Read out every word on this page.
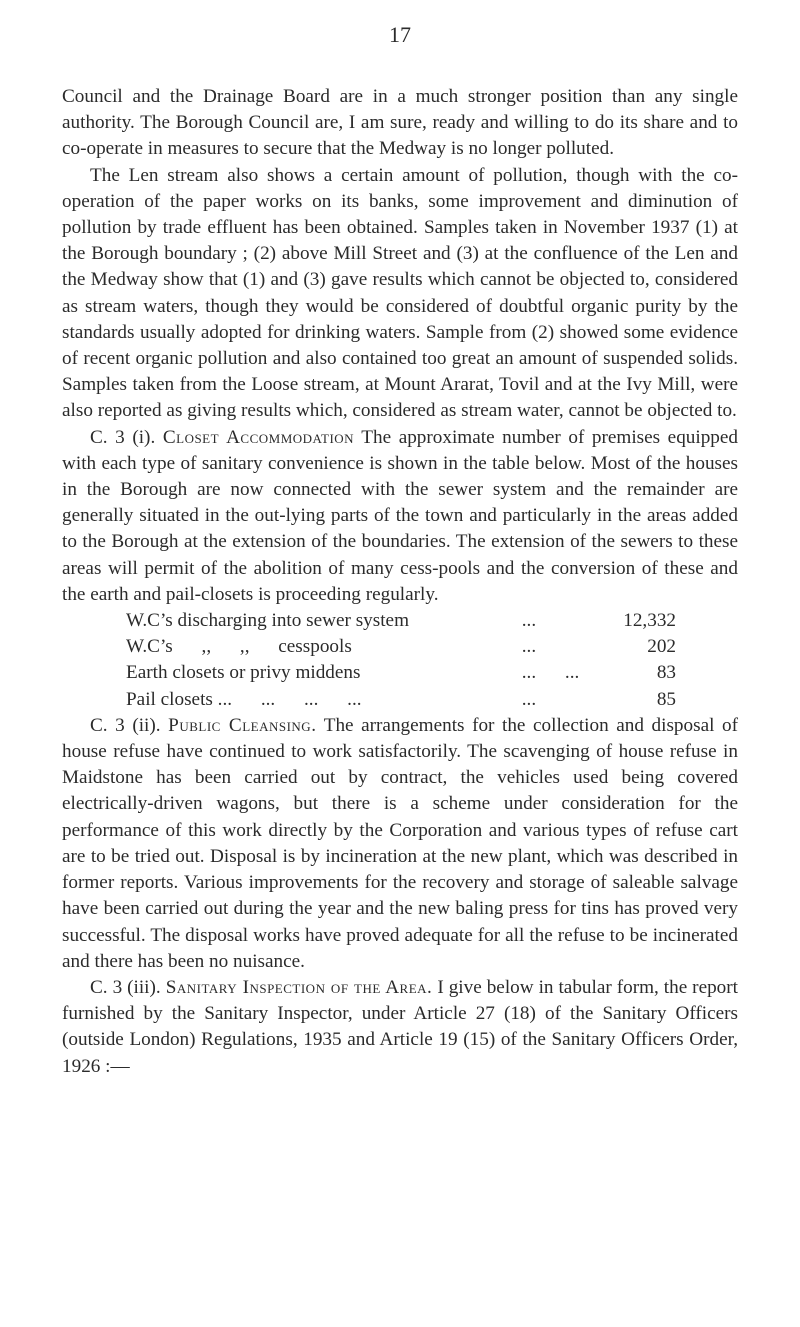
17

Council and the Drainage Board are in a much stronger position than any single authority. The Borough Council are, I am sure, ready and willing to do its share and to co-operate in measures to secure that the Medway is no longer polluted.

The Len stream also shows a certain amount of pollution, though with the co-operation of the paper works on its banks, some improvement and diminution of pollution by trade effluent has been obtained. Samples taken in November 1937 (1) at the Borough boundary ; (2) above Mill Street and (3) at the confluence of the Len and the Medway show that (1) and (3) gave results which cannot be objected to, considered as stream waters, though they would be considered of doubtful organic purity by the standards usually adopted for drinking waters. Sample from (2) showed some evidence of recent organic pollution and also contained too great an amount of suspended solids. Samples taken from the Loose stream, at Mount Ararat, Tovil and at the Ivy Mill, were also reported as giving results which, considered as stream water, cannot be objected to.

C. 3 (i). Closet Accommodation The approximate number of premises equipped with each type of sanitary convenience is shown in the table below. Most of the houses in the Borough are now connected with the sewer system and the remainder are generally situated in the out-lying parts of the town and particularly in the areas added to the Borough at the extension of the boundaries. The extension of the sewers to these areas will permit of the abolition of many cess-pools and the conversion of these and the earth and pail-closets is proceeding regularly.

W.C’s discharging into sewer system	...	12,332
W.C’s      ,,      ,,      cesspools	...	202
Earth closets or privy middens	...      ...	83
Pail closets ...      ...      ...      ...	...	85

C. 3 (ii). Public Cleansing. The arrangements for the collection and disposal of house refuse have continued to work satisfactorily. The scavenging of house refuse in Maidstone has been carried out by contract, the vehicles used being covered electrically-driven wagons, but there is a scheme under consideration for the performance of this work directly by the Corporation and various types of refuse cart are to be tried out. Disposal is by incineration at the new plant, which was described in former reports. Various improvements for the recovery and storage of saleable salvage have been carried out during the year and the new baling press for tins has proved very successful. The disposal works have proved adequate for all the refuse to be incinerated and there has been no nuisance.

C. 3 (iii). Sanitary Inspection of the Area. I give below in tabular form, the report furnished by the Sanitary Inspector, under Article 27 (18) of the Sanitary Officers (outside London) Regulations, 1935 and Article 19 (15) of the Sanitary Officers Order, 1926 :—
